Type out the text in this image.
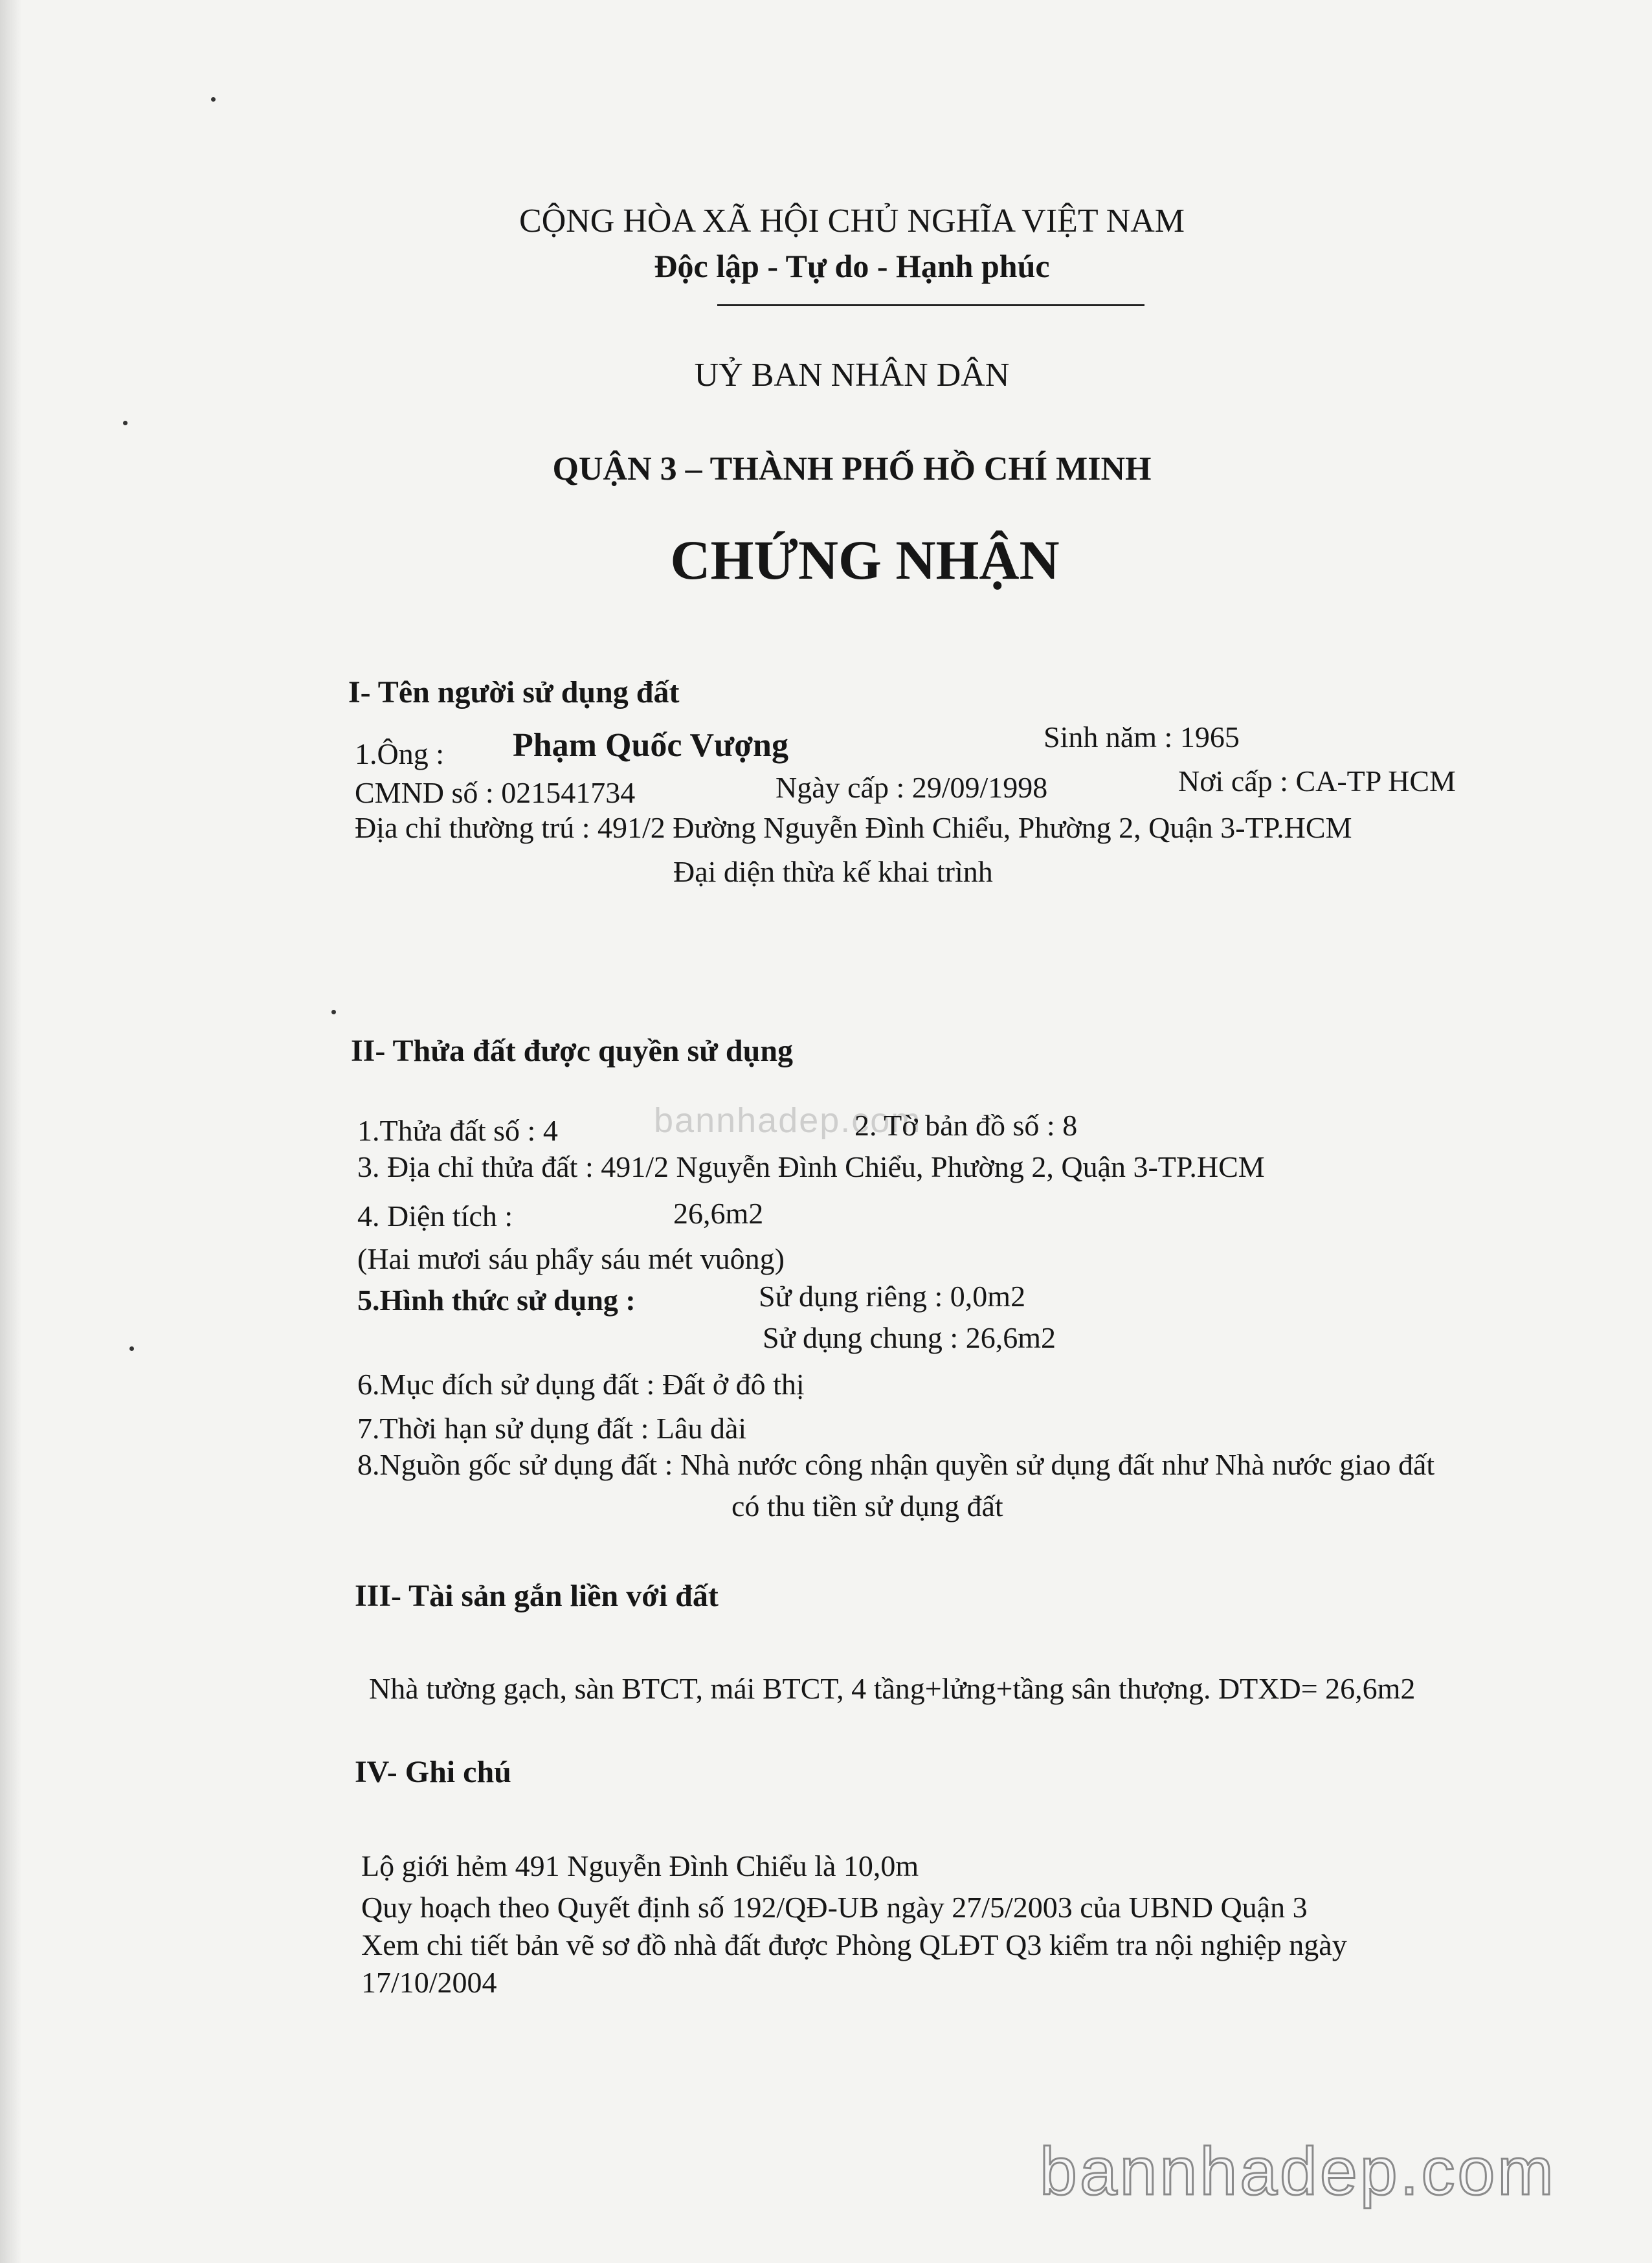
CỘNG HÒA XÃ HỘI CHỦ NGHĨA VIỆT NAM
Độc lập - Tự do - Hạnh phúc
UỶ BAN NHÂN DÂN
QUẬN 3 – THÀNH PHỐ HỒ CHÍ MINH
CHỨNG NHẬN
I- Tên người sử dụng đất
1.Ông : Phạm Quốc Vượng	Sinh năm : 1965
CMND số : 021541734	Ngày cấp : 29/09/1998	Nơi cấp : CA-TP HCM
Địa chỉ thường trú : 491/2 Đường Nguyễn Đình Chiểu, Phường 2, Quận 3-TP.HCM
Đại diện thừa kế khai trình
II- Thửa đất được quyền sử dụng
bannhadep.com
1.Thửa đất số : 4	2. Tờ bản đồ số : 8
3. Địa chỉ thửa đất : 491/2 Nguyễn Đình Chiểu, Phường 2, Quận 3-TP.HCM
4. Diện tích :	26,6m2
(Hai mươi sáu phẩy sáu mét vuông)
5.Hình thức sử dụng :	Sử dụng riêng : 0,0m2
Sử dụng chung : 26,6m2
6.Mục đích sử dụng đất : Đất ở đô thị
7.Thời hạn sử dụng đất : Lâu dài
8.Nguồn gốc sử dụng đất : Nhà nước công nhận quyền sử dụng đất như Nhà nước giao đất
có thu tiền sử dụng đất
III- Tài sản gắn liền với đất
Nhà tường gạch, sàn BTCT, mái BTCT, 4 tầng+lửng+tầng sân thượng. DTXD= 26,6m2
IV- Ghi chú
Lộ giới hẻm 491 Nguyễn Đình Chiểu là 10,0m
Quy hoạch theo Quyết định số 192/QĐ-UB ngày 27/5/2003 của UBND Quận 3
Xem chi tiết bản vẽ sơ đồ nhà đất được Phòng QLĐT Q3 kiểm tra nội nghiệp ngày
17/10/2004
bannhadep.com
